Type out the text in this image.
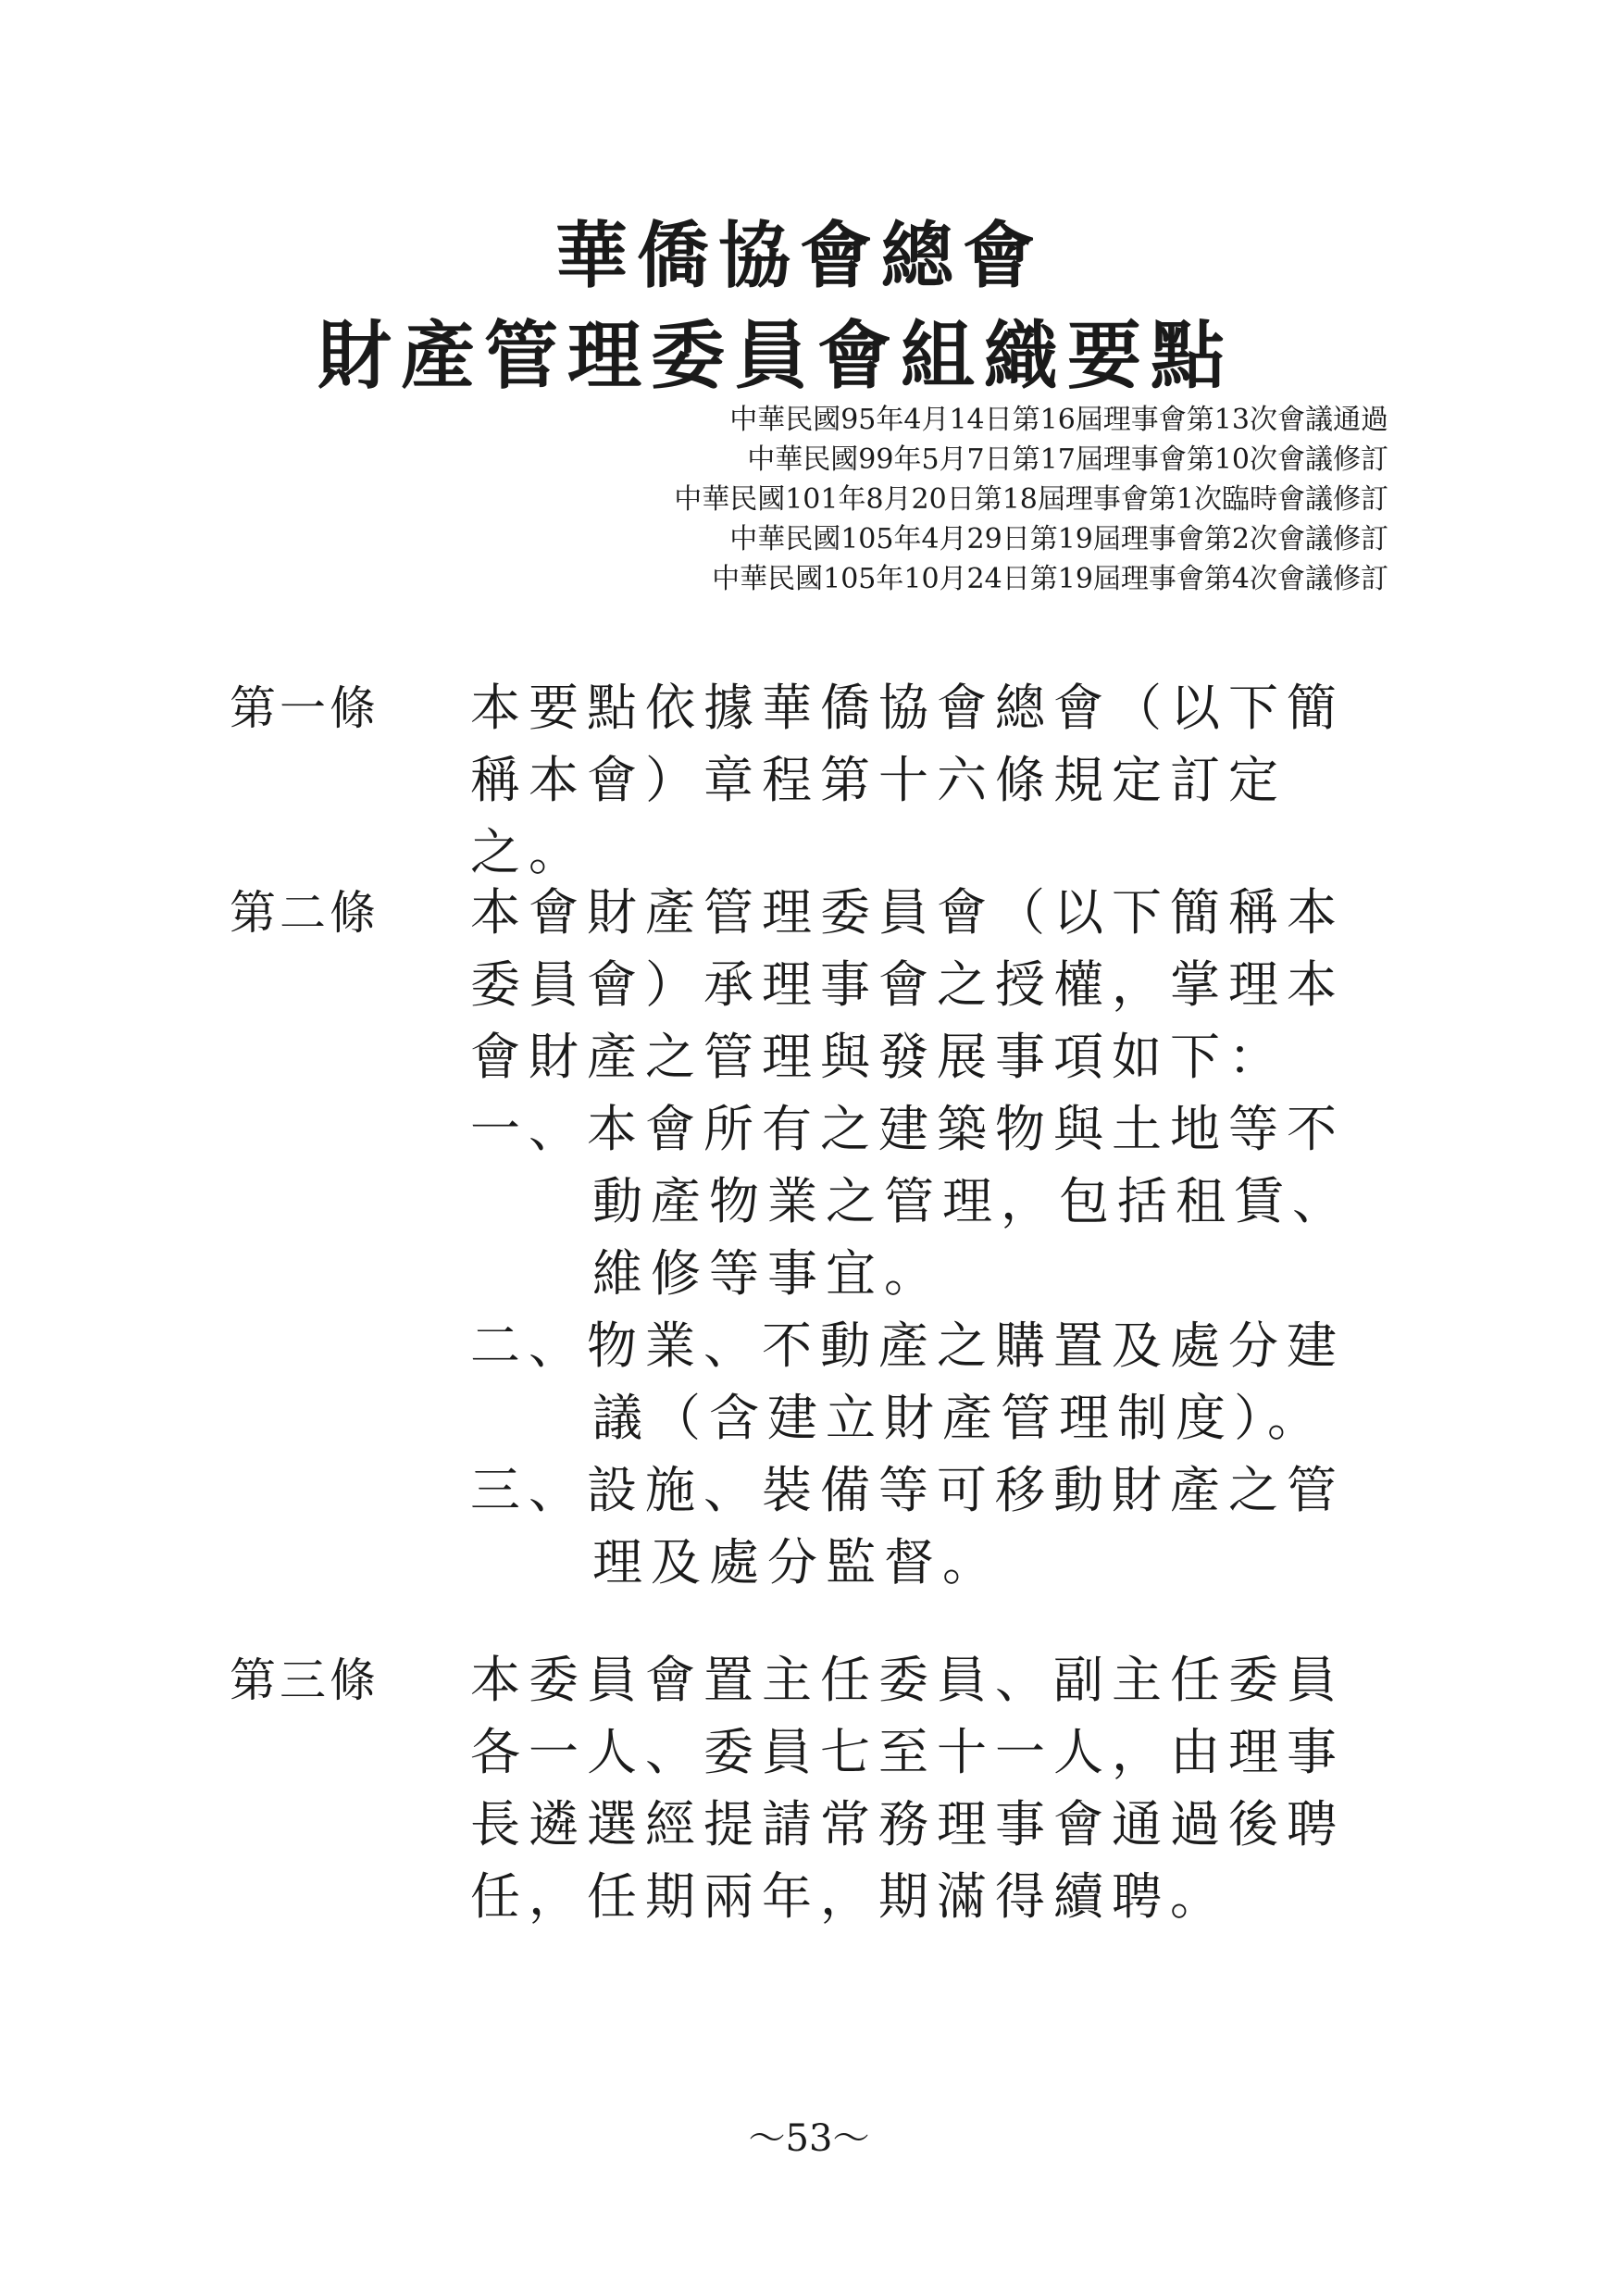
華僑協會總會
財產管理委員會組織要點
中華民國95年4月14日第16屆理事會第13次會議通過
中華民國99年5月7日第17屆理事會第10次會議修訂
中華民國101年8月20日第18屆理事會第1次臨時會議修訂
中華民國105年4月29日第19屆理事會第2次會議修訂
中華民國105年10月24日第19屆理事會第4次會議修訂
第一條 本要點依據華僑協會總會（以下簡稱本會）章程第十六條規定訂定之。

第二條 本會財產管理委員會（以下簡稱本委員會）承理事會之授權，掌理本會財產之管理與發展事項如下：

一、本會所有之建築物與土地等不動產物業之管理，包括租賃、維修等事宜。

二、物業、不動產之購置及處分建議（含建立財產管理制度）。

三、設施、裝備等可移動財產之管理及處分監督。

第三條 本委員會置主任委員、副主任委員各一人、委員七至十一人，由理事長遴選經提請常務理事會通過後聘任，任期兩年，期滿得續聘。

～53～
